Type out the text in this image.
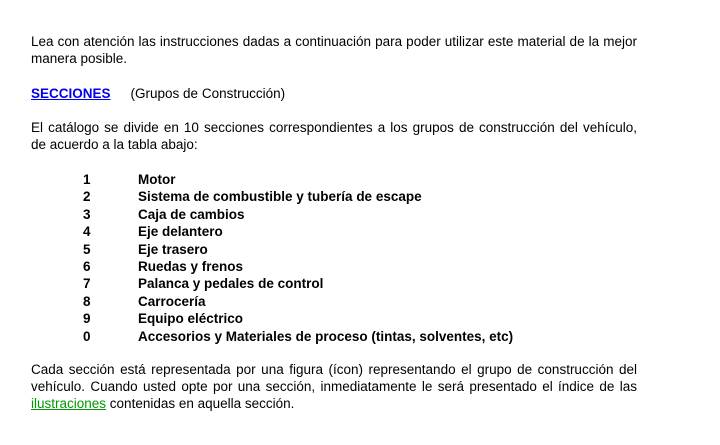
Lea con atención las instrucciones dadas a continuación para poder utilizar este material de la mejor manera posible.

SECCIONES (Grupos de Construcción)

El catálogo se divide en 10 secciones correspondientes a los grupos de construcción del vehículo, de acuerdo a la tabla abajo:

1	Motor
2	Sistema de combustible y tubería de escape
3	Caja de cambios
4	Eje delantero
5	Eje trasero
6	Ruedas y frenos
7	Palanca y pedales de control
8	Carrocería
9	Equipo eléctrico
0	Accesorios y Materiales de proceso (tintas, solventes, etc)

Cada sección está representada por una figura (ícon) representando el grupo de construcción del vehículo. Cuando usted opte por una sección, inmediatamente le será presentado el índice de las ilustraciones contenidas en aquella sección.
